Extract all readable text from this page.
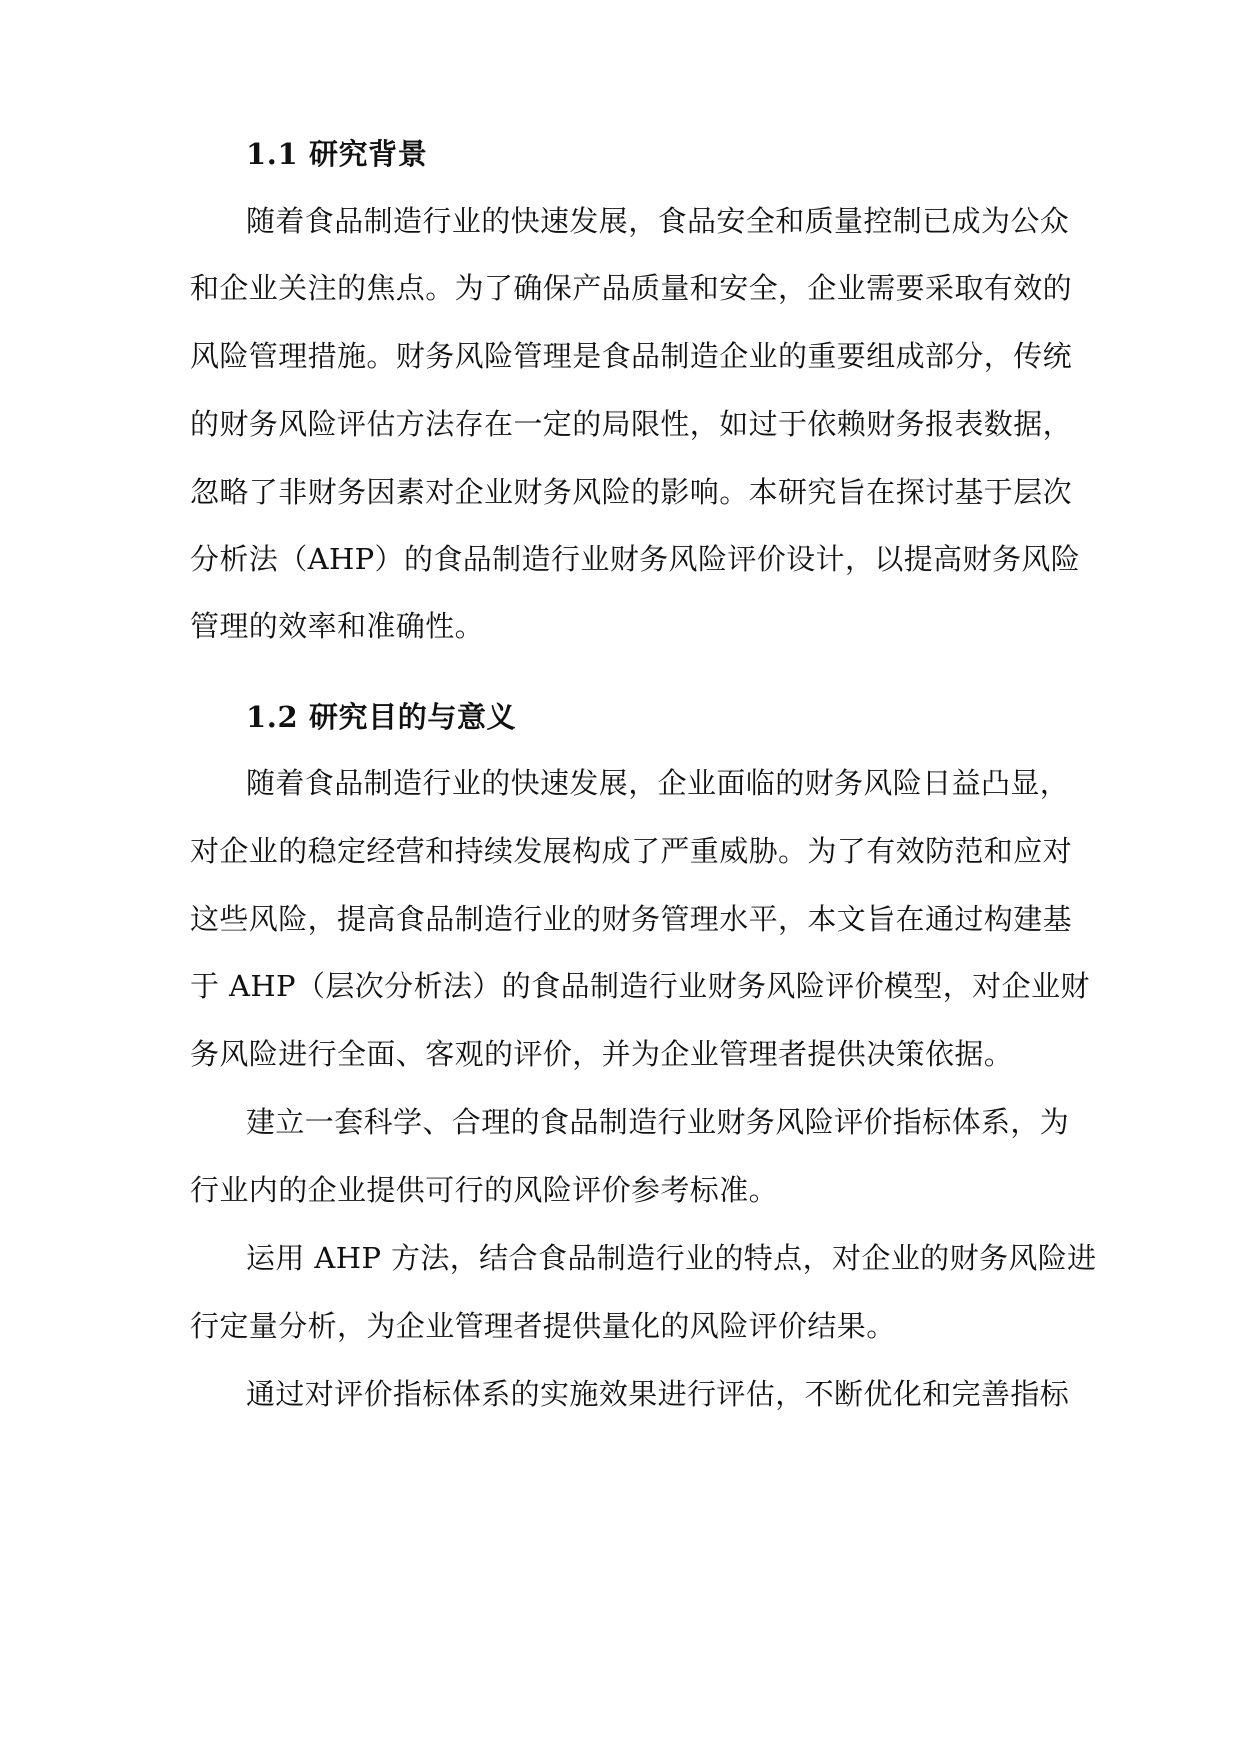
1.1 研究背景
随着食品制造行业的快速发展，食品安全和质量控制已成为公众
和企业关注的焦点。为了确保产品质量和安全，企业需要采取有效的
风险管理措施。财务风险管理是食品制造企业的重要组成部分，传统
的财务风险评估方法存在一定的局限性，如过于依赖财务报表数据，
忽略了非财务因素对企业财务风险的影响。本研究旨在探讨基于层次
分析法（AHP）的食品制造行业财务风险评价设计，以提高财务风险
管理的效率和准确性。
1.2 研究目的与意义
随着食品制造行业的快速发展，企业面临的财务风险日益凸显，
对企业的稳定经营和持续发展构成了严重威胁。为了有效防范和应对
这些风险，提高食品制造行业的财务管理水平，本文旨在通过构建基
于 AHP（层次分析法）的食品制造行业财务风险评价模型，对企业财
务风险进行全面、客观的评价，并为企业管理者提供决策依据。
建立一套科学、合理的食品制造行业财务风险评价指标体系，为
行业内的企业提供可行的风险评价参考标准。
运用 AHP 方法，结合食品制造行业的特点，对企业的财务风险进
行定量分析，为企业管理者提供量化的风险评价结果。
通过对评价指标体系的实施效果进行评估，不断优化和完善指标
